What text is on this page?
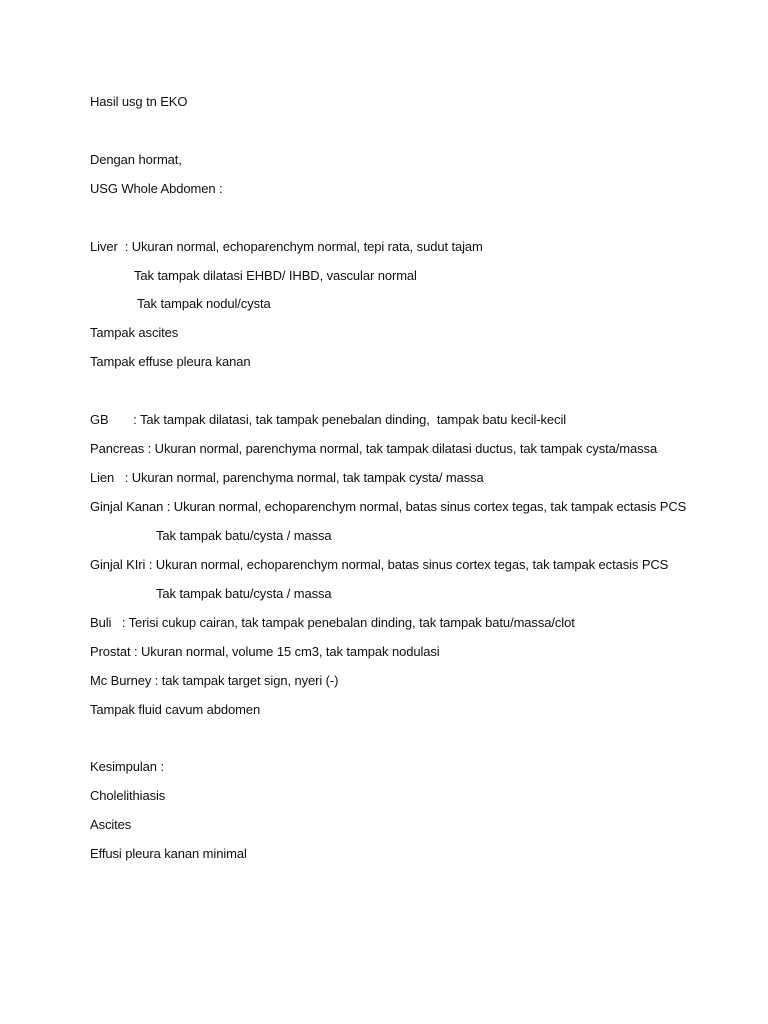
Hasil usg tn EKO
Dengan hormat,
USG Whole Abdomen :
Liver  : Ukuran normal, echoparenchym normal, tepi rata, sudut tajam
Tak tampak dilatasi EHBD/ IHBD, vascular normal
Tak tampak nodul/cysta
Tampak ascites
Tampak effuse pleura kanan
GB       : Tak tampak dilatasi, tak tampak penebalan dinding,  tampak batu kecil-kecil
Pancreas : Ukuran normal, parenchyma normal, tak tampak dilatasi ductus, tak tampak cysta/massa
Lien   : Ukuran normal, parenchyma normal, tak tampak cysta/ massa
Ginjal Kanan : Ukuran normal, echoparenchym normal, batas sinus cortex tegas, tak tampak ectasis PCS
Tak tampak batu/cysta / massa
Ginjal KIri : Ukuran normal, echoparenchym normal, batas sinus cortex tegas, tak tampak ectasis PCS
Tak tampak batu/cysta / massa
Buli   : Terisi cukup cairan, tak tampak penebalan dinding, tak tampak batu/massa/clot
Prostat : Ukuran normal, volume 15 cm3, tak tampak nodulasi
Mc Burney : tak tampak target sign, nyeri (-)
Tampak fluid cavum abdomen
Kesimpulan :
Cholelithiasis
Ascites
Effusi pleura kanan minimal
